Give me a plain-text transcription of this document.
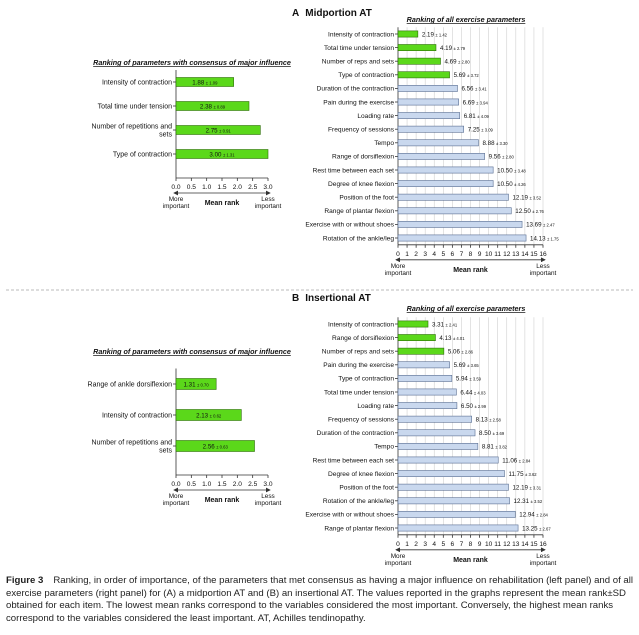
A Midportion AT
Ranking of parameters with consensus of major influence
Intensity of contraction	1.88 ± 1.09
Total time under tension	2.38 ± 0.89
Number of repetitions and
sets
2.75 ± 0.91
Type of contraction	3.00 ± 1.31
0.0 0.5 1.0 1.5 2.0 2.5 3.0
More
important
Less
important
Mean rank
Ranking of all exercise parameters
Intensity of contraction	2.19 ± 1.42
Total time under tension	4.19 ± 2.79
Number of reps and sets	4.69 ± 2.80
Type of contraction	5.69 ± 3.72
Duration of the contraction	6.56 ± 3.41
Pain during the exercise	6.69 ± 3.94
Loading rate	6.81 ± 4.09
Frequency of sessions	7.25 ± 3.09
Tempo	8.88 ± 3.30
Range of dorsiflexion	9.56 ± 2.80
Rest time between each set	10.50 ± 3.48
Degree of knee flexion	10.50 ± 4.26
Position of the foot	12.19 ± 3.52
Range of plantar flexion	12.50 ± 2.76
Exercise with or without shoes	13.69 ± 2.47
Rotation of the ankle/leg	14.13 ± 1.75
0 1 2 3 4 5 6 7 8 9 10 11 12 13 14 15 16
More
important
Less
important
Mean rank
B Insertional AT
Ranking of parameters with consensus of major influence
Range of ankle dorsiflexion 1.31 ± 0.70
Intensity of contraction	2.13 ± 0.62
Number of repetitions and
sets
2.56 ± 0.63
0.0 0.5 1.0 1.5 2.0 2.5 3.0
More
important
Less
important
Mean rank
Ranking of all exercise parameters
Intensity of contraction	3.31 ± 2.41
Range of dorsiflexion	4.13 ± 4.01
Number of reps and sets	5.06 ± 2.86
Pain during the exercise	5.69 ± 3.65
Type of contraction	5.94 ± 3.59
Total time under tension	6.44 ± 4.03
Loading rate	6.50 ± 2.99
Frequency of sessions	8.13 ± 2.58
Duration of the contraction	8.50 ± 3.69
Tempo	8.81 ± 3.82
Rest time between each set	11.06 ± 2.84
Degree of knee flexion	11.75 ± 3.62
Position of the foot	12.19 ± 3.31
Rotation of the ankle/leg	12.31 ± 3.52
Exercise with or without shoes	12.94 ± 2.84
Range of plantar flexion	13.25 ± 2.67
0 1 2 3 4 5 6 7 8 9 10 11 12 13 14 15 16
More
important
Less
important
Mean rank

Figure 3 Ranking, in order of importance, of the parameters that met consensus as having a major influence on rehabilitation (left panel) and of all exercise parameters (right panel) for (A) a midportion AT and (B) an insertional AT. The values reported in the graphs represent the mean rank±SD obtained for each item. The lowest mean ranks correspond to the variables considered the most important. Conversely, the highest mean ranks correspond to the variables considered the least important. AT, Achilles tendinopathy.
